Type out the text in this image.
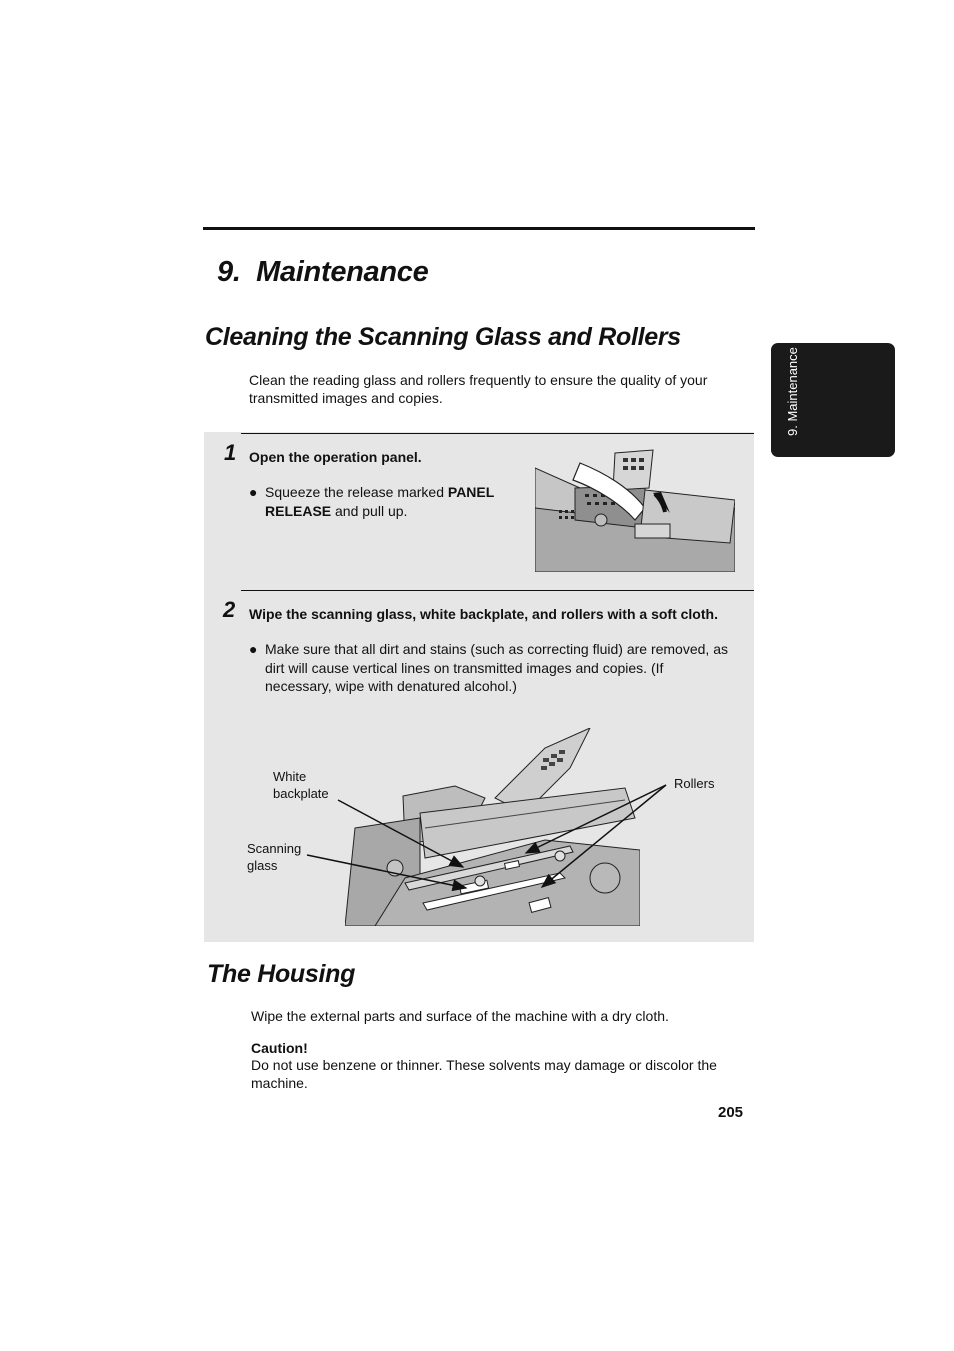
9.  Maintenance
9. Maintenance
Cleaning the Scanning Glass and Rollers
Clean the reading glass and rollers frequently to ensure the quality of your
transmitted images and copies.
1 Open the operation panel.
● Squeeze the release marked PANEL
RELEASE and pull up.
2 Wipe the scanning glass, white backplate, and rollers with a soft cloth.
● Make sure that all dirt and stains (such as correcting fluid) are removed, as
dirt will cause vertical lines on transmitted images and copies. (If
necessary, wipe with denatured alcohol.)
White
backplate
Scanning
glass
Rollers
The Housing
Wipe the external parts and surface of the machine with a dry cloth.
Caution!
Do not use benzene or thinner. These solvents may damage or discolor the
machine.
205
